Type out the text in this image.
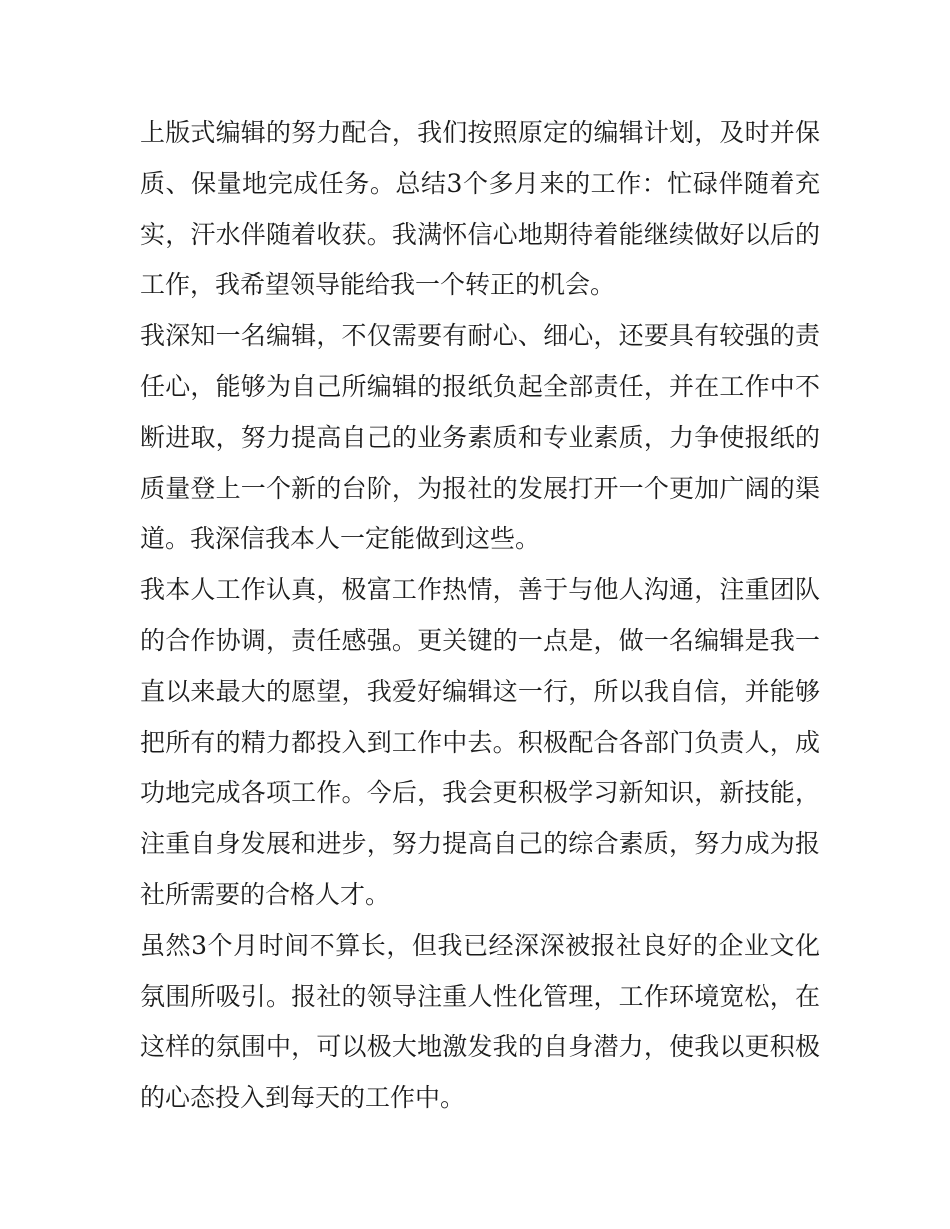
上版式编辑的努力配合，我们按照原定的编辑计划，及时并保
质、保量地完成任务。总结3个多月来的工作：忙碌伴随着充
实，汗水伴随着收获。我满怀信心地期待着能继续做好以后的
工作，我希望领导能给我一个转正的机会。

我深知一名编辑，不仅需要有耐心、细心，还要具有较强的责
任心，能够为自己所编辑的报纸负起全部责任，并在工作中不
断进取，努力提高自己的业务素质和专业素质，力争使报纸的
质量登上一个新的台阶，为报社的发展打开一个更加广阔的渠
道。我深信我本人一定能做到这些。

我本人工作认真，极富工作热情，善于与他人沟通，注重团队
的合作协调，责任感强。更关键的一点是，做一名编辑是我一
直以来最大的愿望，我爱好编辑这一行，所以我自信，并能够
把所有的精力都投入到工作中去。积极配合各部门负责人，成
功地完成各项工作。今后，我会更积极学习新知识，新技能，
注重自身发展和进步，努力提高自己的综合素质，努力成为报
社所需要的合格人才。

虽然3个月时间不算长，但我已经深深被报社良好的企业文化
氛围所吸引。报社的领导注重人性化管理，工作环境宽松，在
这样的氛围中，可以极大地激发我的自身潜力，使我以更积极
的心态投入到每天的工作中。
